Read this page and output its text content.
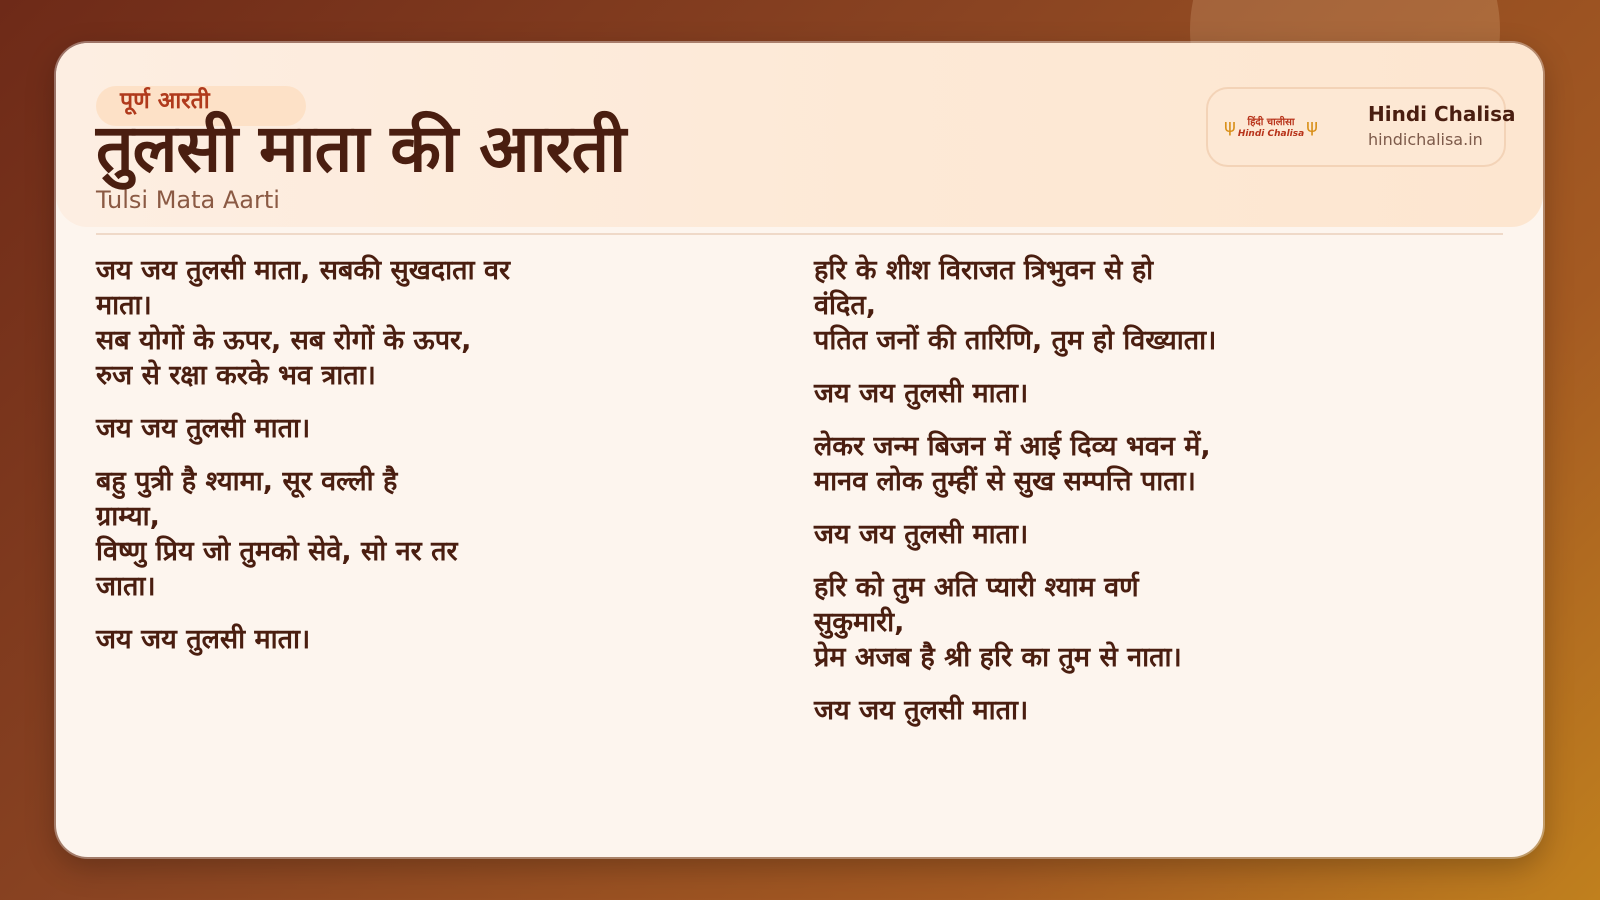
पूर्ण आरती
तुलसी माता की आरती
Tulsi Mata Aarti
ψ हिंदी चालीसा
Hindi Chalisa ψ
Hindi Chalisa
hindichalisa.in
जय जय तुलसी माता, सबकी सुखदाता वर
माता।
सब योगों के ऊपर, सब रोगों के ऊपर,
रुज से रक्षा करके भव त्राता।
जय जय तुलसी माता।
बहु पुत्री है श्यामा, सूर वल्ली है
ग्राम्या,
विष्णु प्रिय जो तुमको सेवे, सो नर तर
जाता।
जय जय तुलसी माता।
हरि के शीश विराजत त्रिभुवन से हो
वंदित,
पतित जनों की तारिणि, तुम हो विख्याता।
जय जय तुलसी माता।
लेकर जन्म बिजन में आई दिव्य भवन में,
मानव लोक तुम्हीं से सुख सम्पत्ति पाता।
जय जय तुलसी माता।
हरि को तुम अति प्यारी श्याम वर्ण
सुकुमारी,
प्रेम अजब है श्री हरि का तुम से नाता।
जय जय तुलसी माता।
